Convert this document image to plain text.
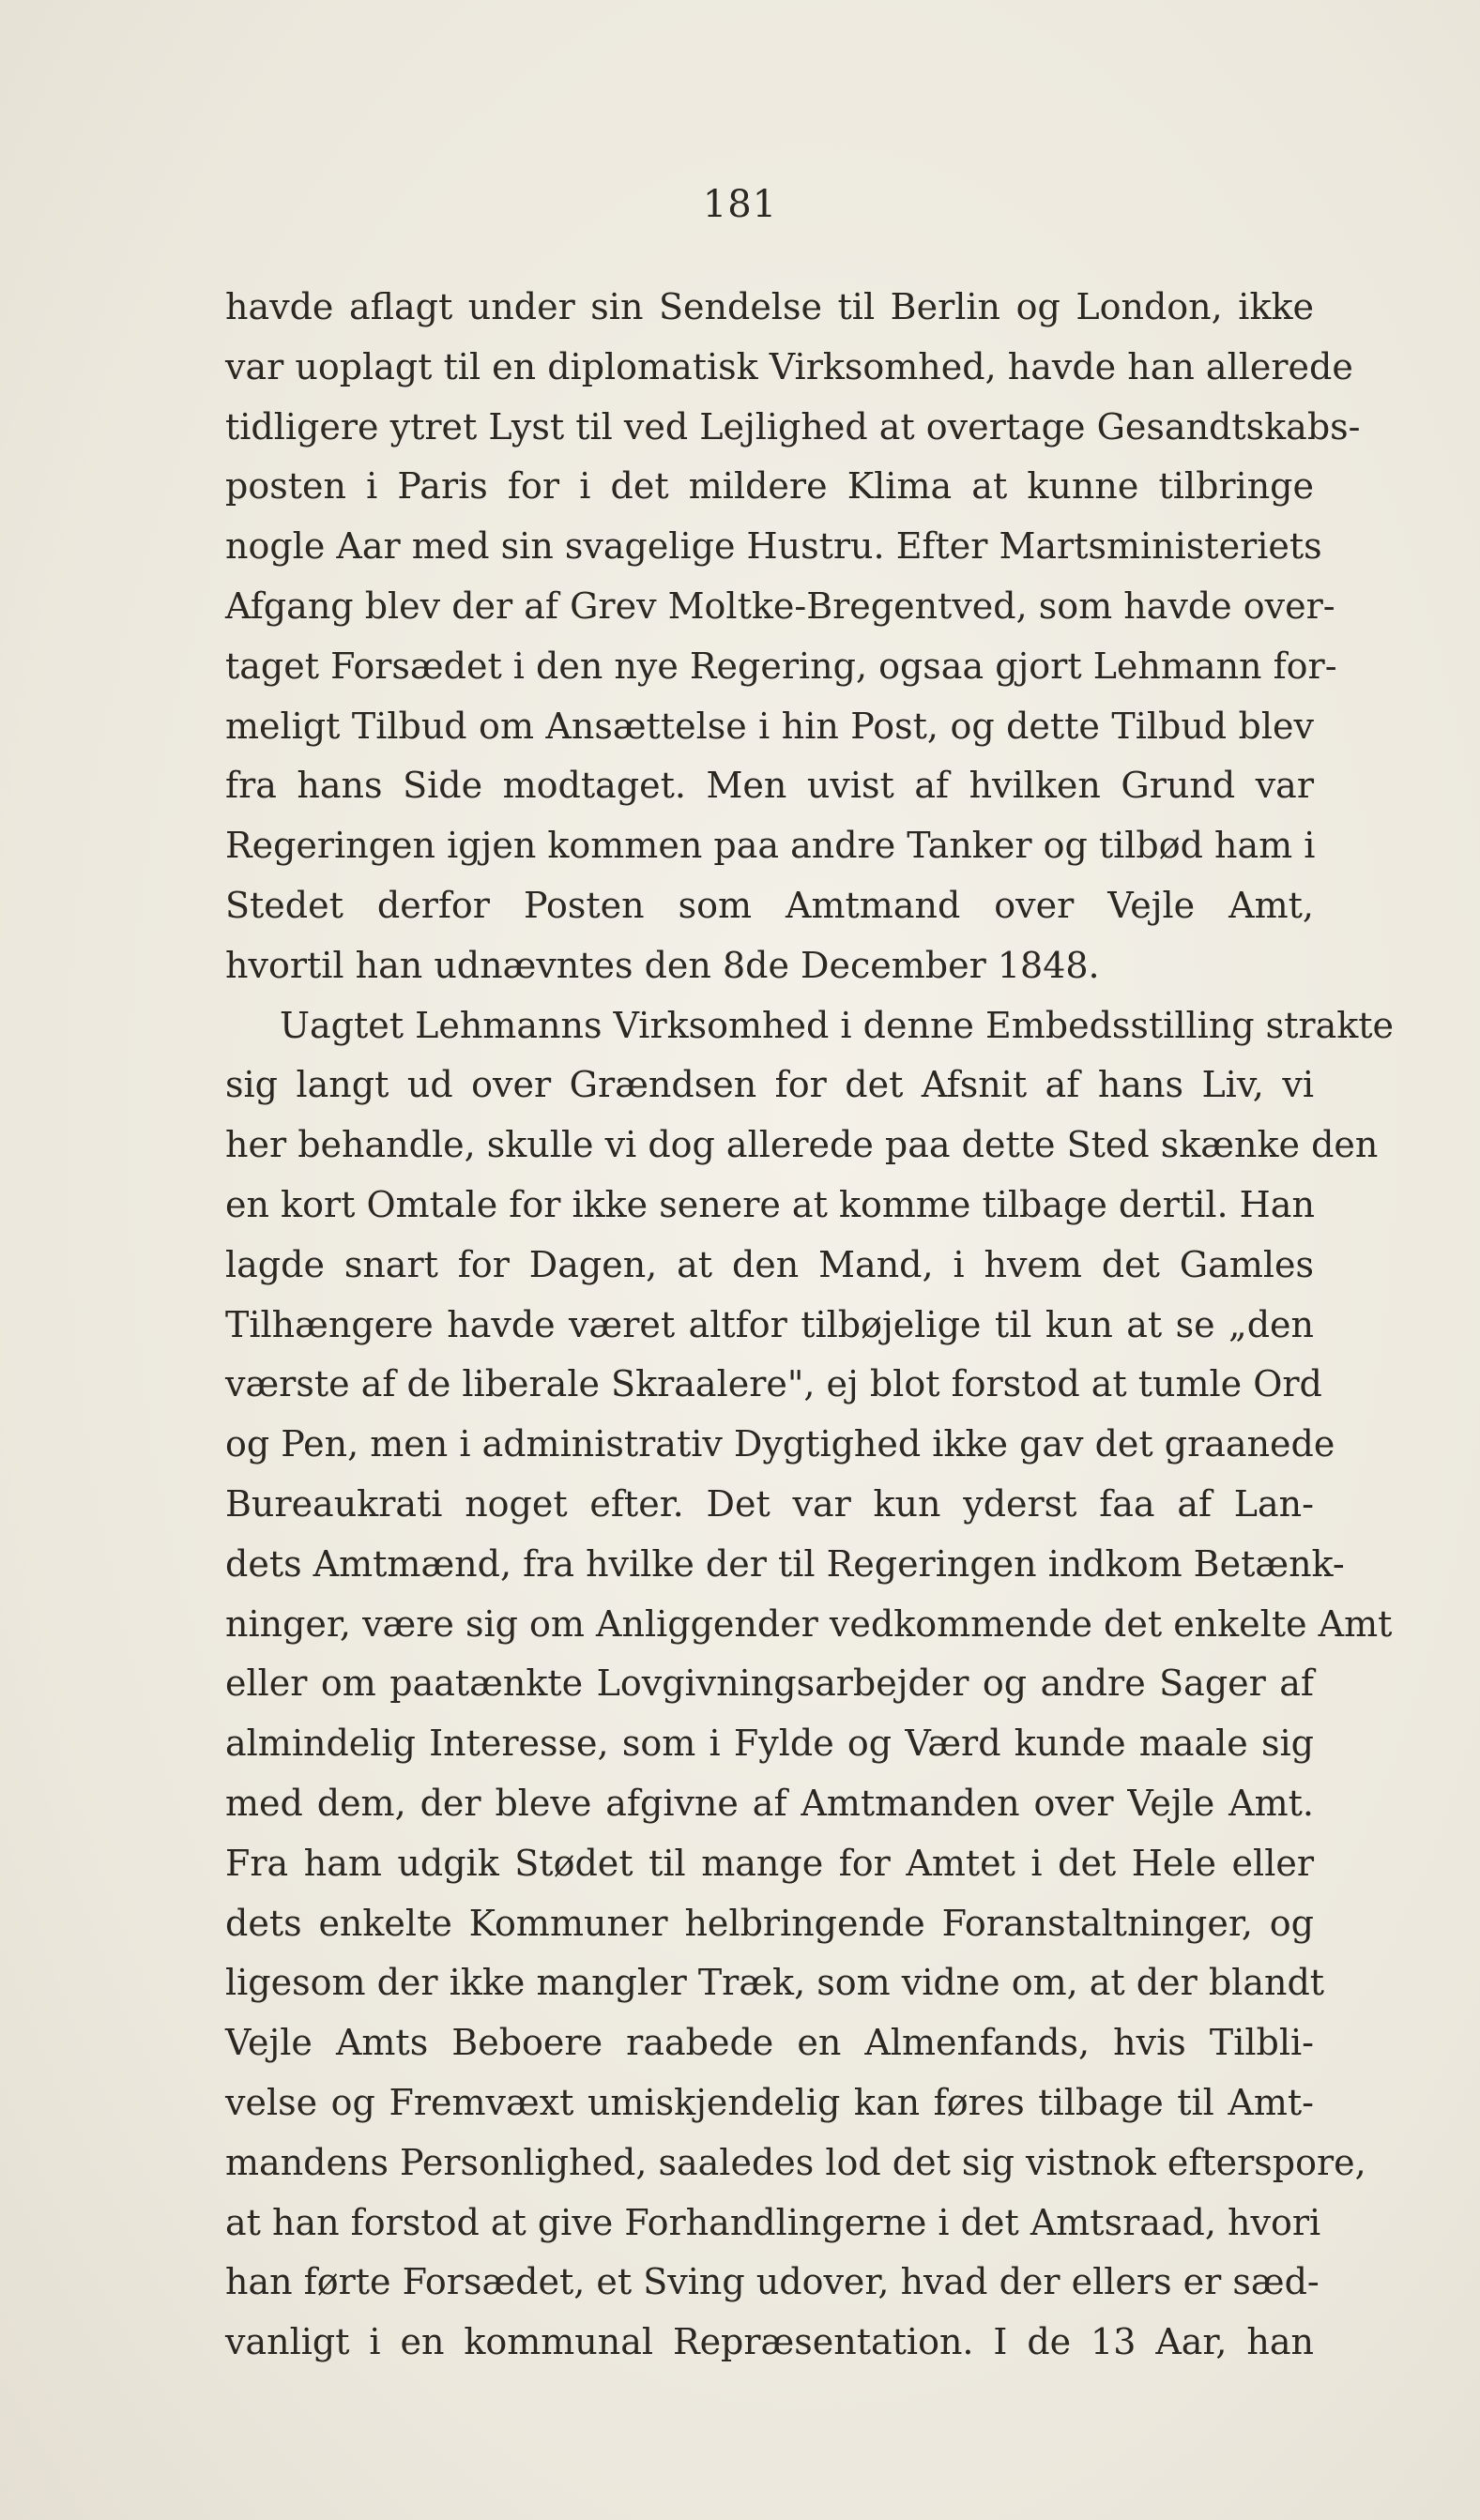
181
havde aflagt under sin Sendelse til Berlin og London, ikke
var uoplagt til en diplomatisk Virksomhed, havde han allerede
tidligere ytret Lyst til ved Lejlighed at overtage Gesandtskabs-
posten i Paris for i det mildere Klima at kunne tilbringe
nogle Aar med sin svagelige Hustru. Efter Martsministeriets
Afgang blev der af Grev Moltke-Bregentved, som havde over-
taget Forsædet i den nye Regering, ogsaa gjort Lehmann for-
meligt Tilbud om Ansættelse i hin Post, og dette Tilbud blev
fra hans Side modtaget. Men uvist af hvilken Grund var
Regeringen igjen kommen paa andre Tanker og tilbød ham i
Stedet derfor Posten som Amtmand over Vejle Amt,
hvortil han udnævntes den 8de December 1848.
Uagtet Lehmanns Virksomhed i denne Embedsstilling strakte
sig langt ud over Grændsen for det Afsnit af hans Liv, vi
her behandle, skulle vi dog allerede paa dette Sted skænke den
en kort Omtale for ikke senere at komme tilbage dertil. Han
lagde snart for Dagen, at den Mand, i hvem det Gamles
Tilhængere havde været altfor tilbøjelige til kun at se „den
værste af de liberale Skraalere", ej blot forstod at tumle Ord
og Pen, men i administrativ Dygtighed ikke gav det graanede
Bureaukrati noget efter. Det var kun yderst faa af Lan-
dets Amtmænd, fra hvilke der til Regeringen indkom Betænk-
ninger, være sig om Anliggender vedkommende det enkelte Amt
eller om paatænkte Lovgivningsarbejder og andre Sager af
almindelig Interesse, som i Fylde og Værd kunde maale sig
med dem, der bleve afgivne af Amtmanden over Vejle Amt.
Fra ham udgik Stødet til mange for Amtet i det Hele eller
dets enkelte Kommuner helbringende Foranstaltninger, og
ligesom der ikke mangler Træk, som vidne om, at der blandt
Vejle Amts Beboere raabede en Almenfands, hvis Tilbli-
velse og Fremvæxt umiskjendelig kan føres tilbage til Amt-
mandens Personlighed, saaledes lod det sig vistnok efterspore,
at han forstod at give Forhandlingerne i det Amtsraad, hvori
han førte Forsædet, et Sving udover, hvad der ellers er sæd-
vanligt i en kommunal Repræsentation. I de 13 Aar, han
